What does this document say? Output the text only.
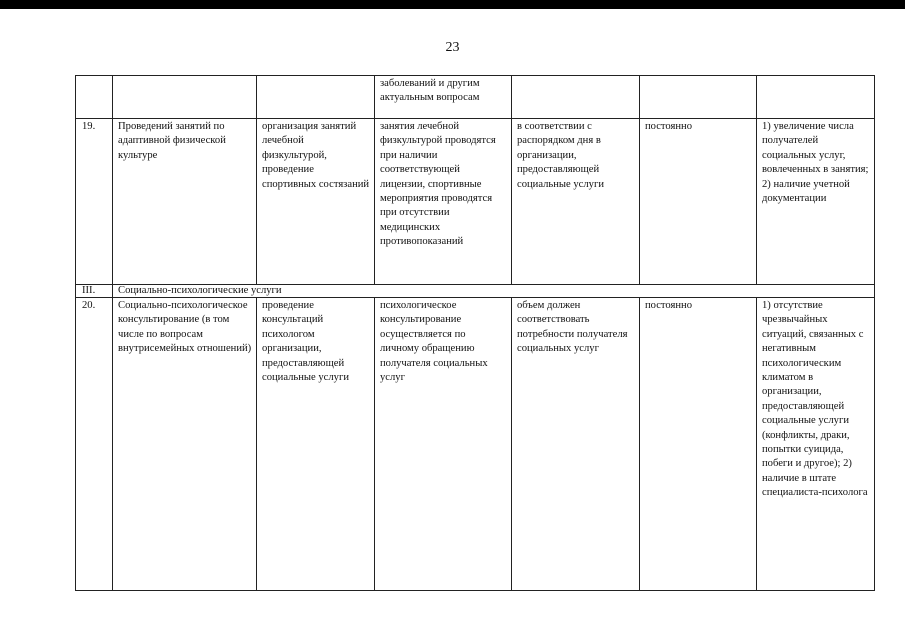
23
			заболеваний и другим актуальным вопросам			
19.	Проведений занятий по адаптивной физической культуре	организация занятий лечебной физкультурой, проведение спортивных состязаний	занятия лечебной физкультурой проводятся при наличии соответствующей лицензии, спортивные мероприятия проводятся при отсутствии медицинских противопоказаний	в соответствии с распорядком дня в организации, предоставляющей социальные услуги	постоянно	1) увеличение числа получателей социальных услуг, вовлеченных в занятия; 2) наличие учетной документации
III.	Социально-психологические услуги					
20.	Социально-психологическое консультирование (в том числе по вопросам внутрисемейных отношений)	проведение консультаций психологом организации, предоставляющей социальные услуги	психологическое консультирование осуществляется по личному обращению получателя социальных услуг	объем должен соответствовать потребности получателя социальных услуг	постоянно	1) отсутствие чрезвычайных ситуаций, связанных с негативным психологическим климатом в организации, предоставляющей социальные услуги (конфликты, драки, попытки суицида, побеги и другое); 2) наличие в штате специалиста-психолога
